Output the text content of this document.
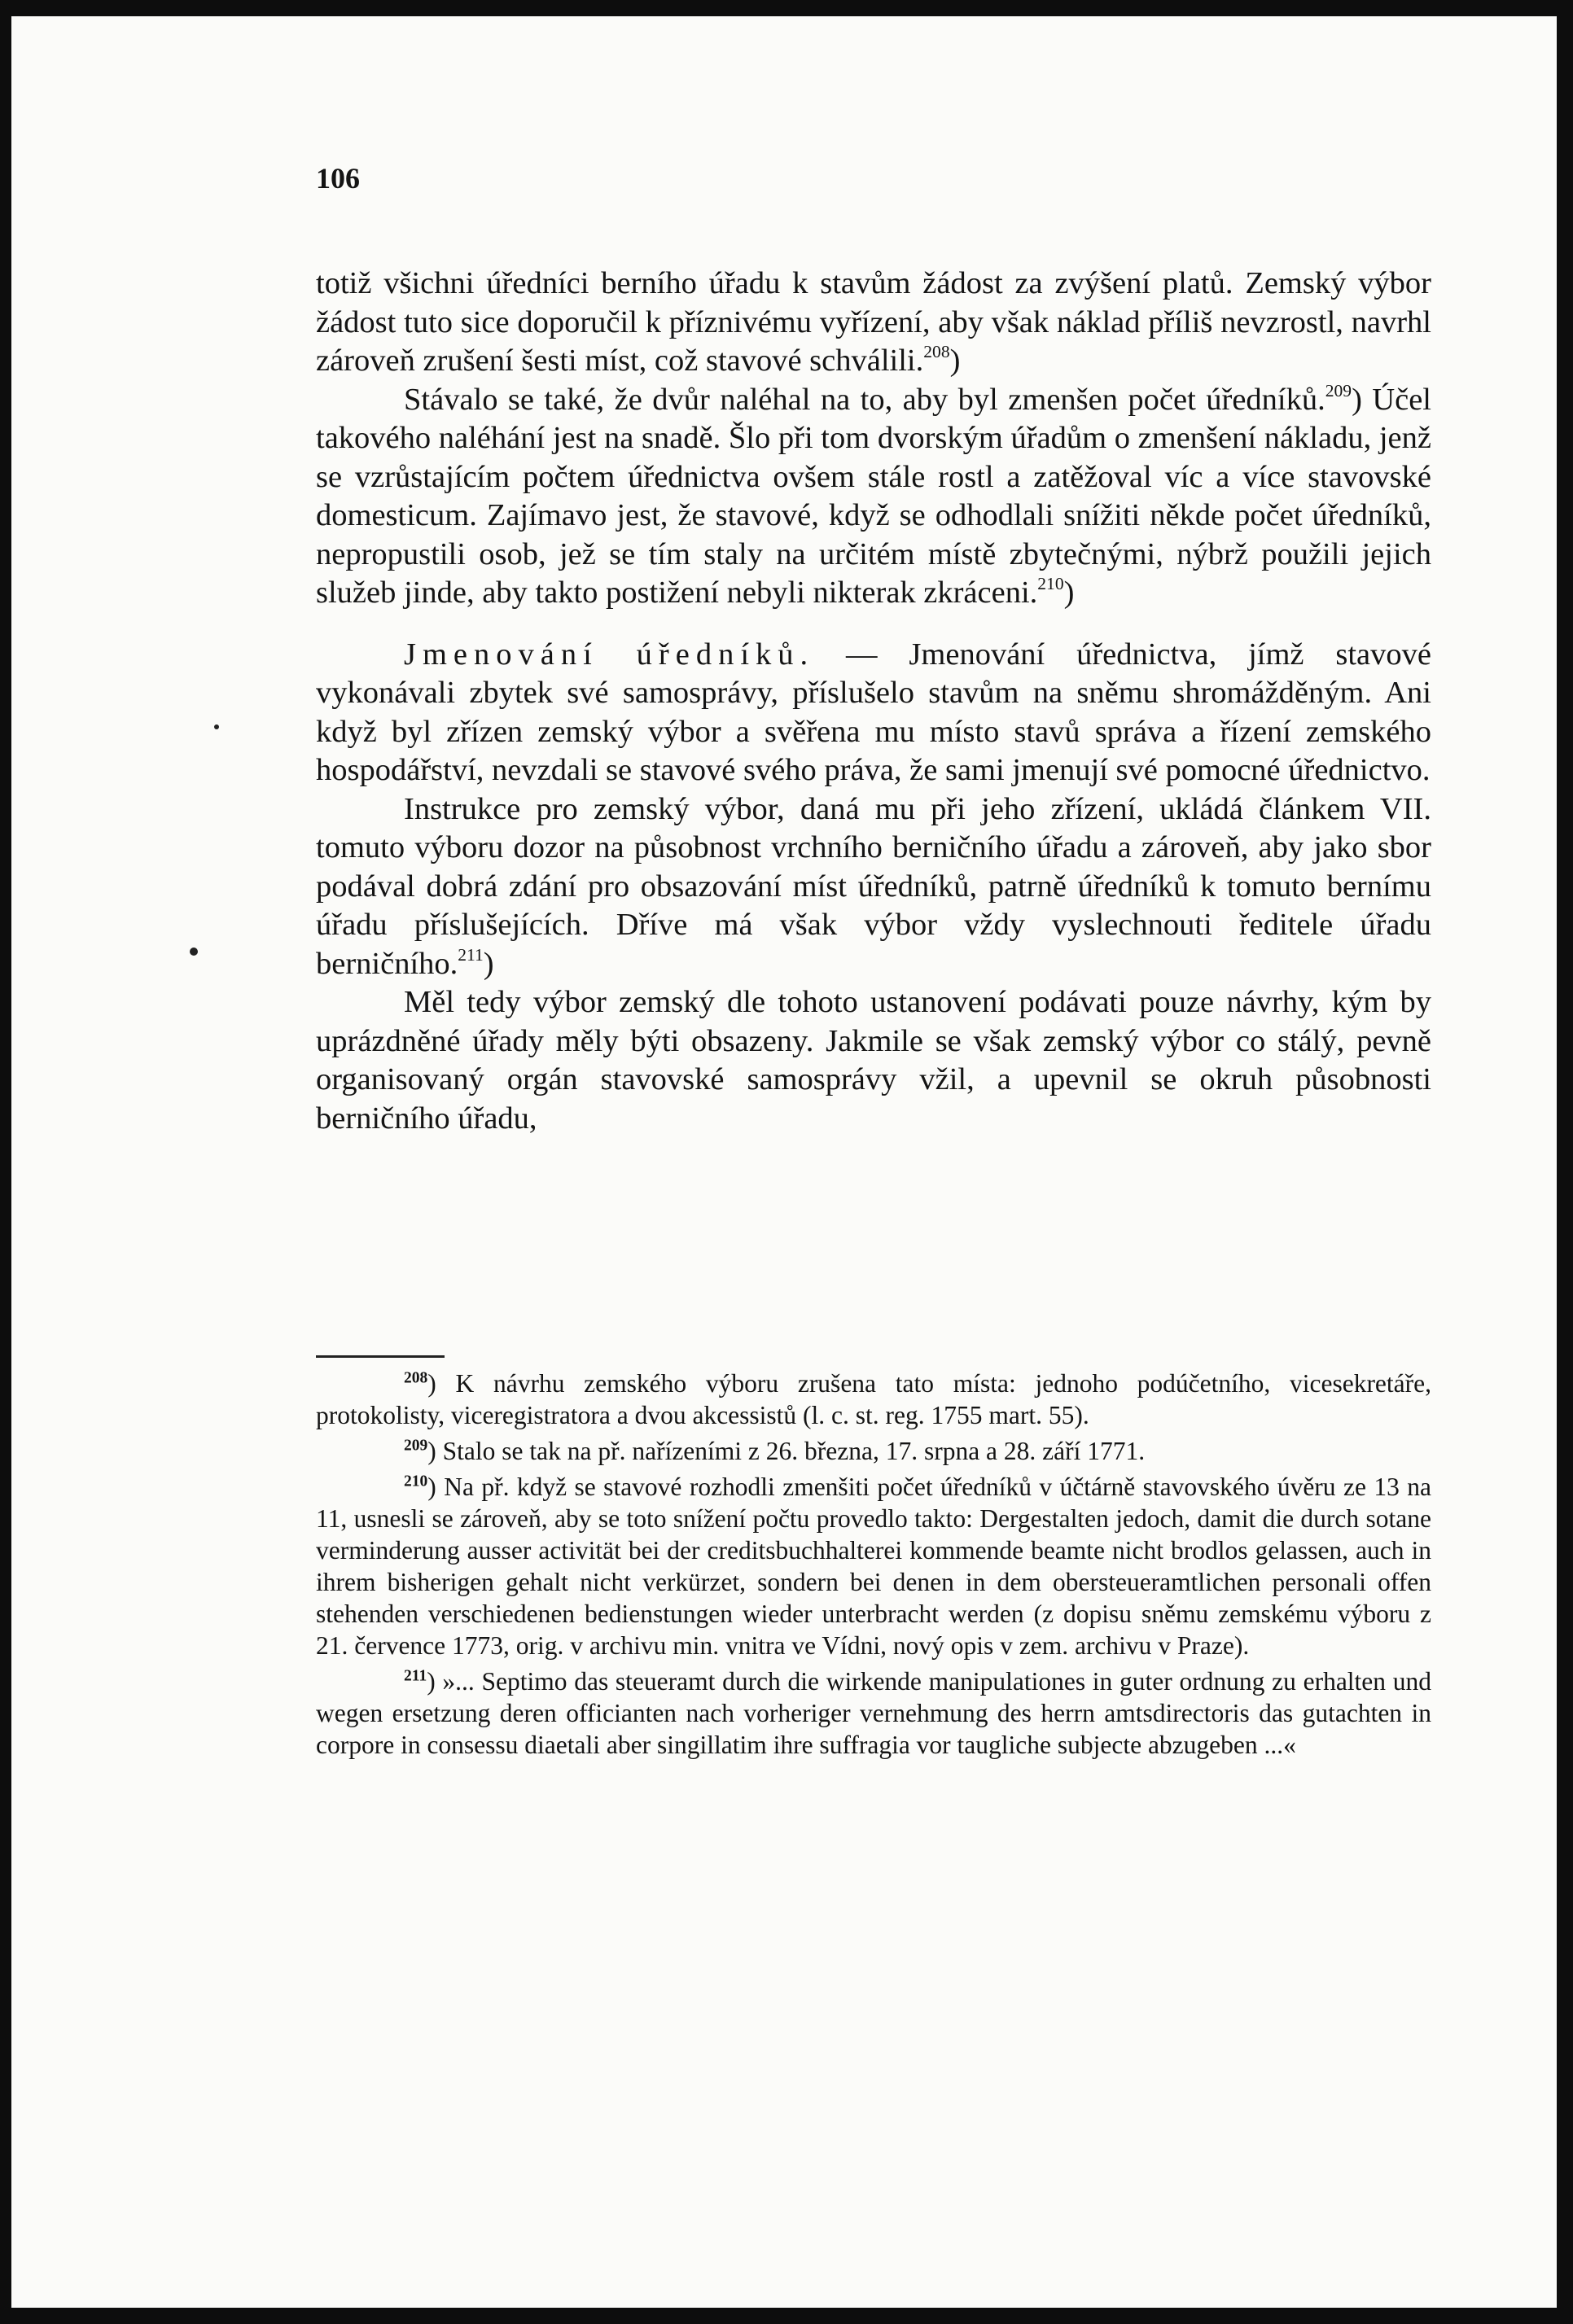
106

totiž všichni úředníci berního úřadu k stavům žádost za zvýšení platů. Zemský výbor žádost tuto sice doporučil k příznivému vyřízení, aby však náklad příliš nevzrostl, navrhl zároveň zrušení šesti míst, což stavové schválili.$^{208}$)

Stávalo se také, že dvůr naléhal na to, aby byl zmenšen počet úředníků.$^{209}$) Účel takového naléhání jest na snadě. Šlo při tom dvorským úřadům o zmenšení nákladu, jenž se vzrůstajícím počtem úřednictva ovšem stále rostl a zatěžoval víc a více stavovské domesticum. Zajímavo jest, že stavové, když se odhodlali snížiti někde počet úředníků, nepropustili osob, jež se tím staly na určitém místě zbytečnými, nýbrž použili jejich služeb jinde, aby takto postižení nebyli nikterak zkráceni.$^{210}$)

Jmenování úředníků. — Jmenování úřednictva, jímž stavové vykonávali zbytek své samosprávy, příslušelo stavům na sněmu shromážděným. Ani když byl zřízen zemský výbor a svěřena mu místo stavů správa a řízení zemského hospodářství, nevzdali se stavové svého práva, že sami jmenují své pomocné úřednictvo.

Instrukce pro zemský výbor, daná mu při jeho zřízení, ukládá článkem VII. tomuto výboru dozor na působnost vrchního berničního úřadu a zároveň, aby jako sbor podával dobrá zdání pro obsazování míst úředníků, patrně úředníků k tomuto bernímu úřadu příslušejících. Dříve má však výbor vždy vyslechnouti ředitele úřadu berničního.$^{211}$)

Měl tedy výbor zemský dle tohoto ustanovení podávati pouze návrhy, kým by uprázdněné úřady měly býti obsazeny. Jakmile se však zemský výbor co stálý, pevně organisovaný orgán stavovské samosprávy vžil, a upevnil se okruh působnosti berničního úřadu,

$^{208}$) K návrhu zemského výboru zrušena tato místa: jednoho podúčetního, vicesekretáře, protokolisty, viceregistratora a dvou akcessistů (l. c. st. reg. 1755 mart. 55).

$^{209}$) Stalo se tak na př. nařízeními z 26. března, 17. srpna a 28. září 1771.

$^{210}$) Na př. když se stavové rozhodli zmenšiti počet úředníků v účtárně stavovského úvěru ze 13 na 11, usnesli se zároveň, aby se toto snížení počtu provedlo takto: Dergestalten jedoch, damit die durch sotane verminderung ausser activität bei der creditsbuchhalterei kommende beamte nicht brodlos gelassen, auch in ihrem bisherigen gehalt nicht verkürzet, sondern bei denen in dem obersteueramtlichen personali offen stehenden verschiedenen bedienstungen wieder unterbracht werden (z dopisu sněmu zemskému výboru z 21. července 1773, orig. v archivu min. vnitra ve Vídni, nový opis v zem. archivu v Praze).

$^{211}$) »... Septimo das steueramt durch die wirkende manipulationes in guter ordnung zu erhalten und wegen ersetzung deren officianten nach vorheriger vernehmung des herrn amtsdirectoris das gutachten in corpore in consessu diaetali aber singillatim ihre suffragia vor taugliche subjecte abzugeben ...«
